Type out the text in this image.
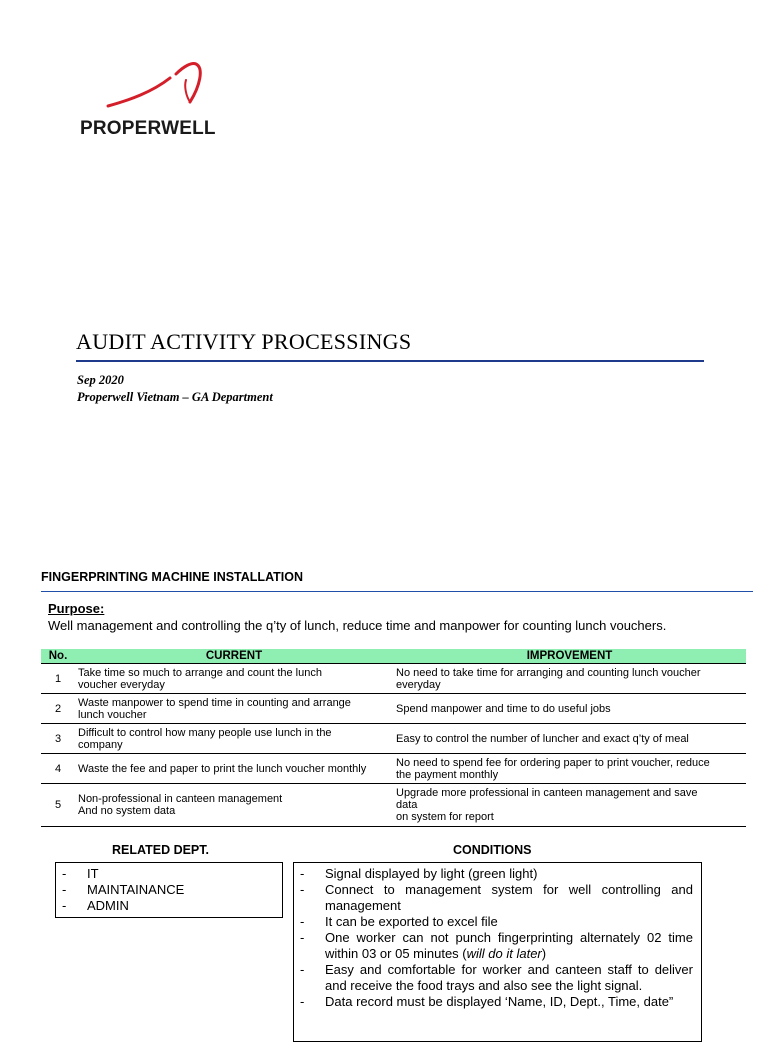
PROPERWELL
AUDIT ACTIVITY PROCESSINGS
Sep 2020
Properwell Vietnam – GA Department
FINGERPRINTING MACHINE INSTALLATION
Purpose:
Well management and controlling the q’ty of lunch, reduce time and manpower for counting lunch vouchers.
No.	CURRENT	IMPROVEMENT
1	Take time so much to arrange and count the lunch
voucher everyday	No need to take time for arranging and counting lunch voucher
everyday
2	Waste manpower to spend time in counting and arrange
lunch voucher	Spend manpower and time to do useful jobs
3	Difficult to control how many people use lunch in the
company	Easy to control the number of luncher and exact q’ty of meal
4	Waste the fee and paper to print the lunch voucher monthly	No need to spend fee for ordering paper to print voucher, reduce
the payment monthly
5	Non-professional in canteen management
And no system data	Upgrade more professional in canteen management and save
data
on system for report
RELATED DEPT.	CONDITIONS
- IT
- MAINTAINANCE
- ADMIN
- Signal displayed by light (green light)
- Connect to management system for well controlling and management
- It can be exported to excel file
- One worker can not punch fingerprinting alternately 02 time within 03 or 05 minutes (will do it later)
- Easy and comfortable for worker and canteen staff to deliver and receive the food trays and also see the light signal.
- Data record must be displayed ‘Name, ID, Dept., Time, date”
